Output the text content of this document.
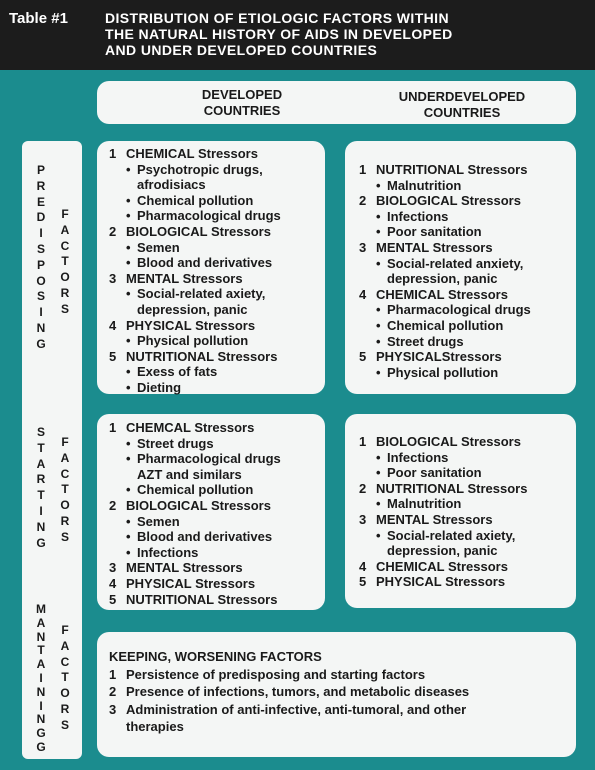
Table #1	DISTRIBUTION OF ETIOLOGIC FACTORS WITHIN
THE NATURAL HISTORY OF AIDS IN DEVELOPED
AND UNDER DEVELOPED COUNTRIES
DEVELOPED
COUNTRIES
UNDERDEVELOPED
COUNTRIES
P
R
E
D
I
S
P
O
S
I
N
G
F
A
C
T
O
R
S
S
T
A
R
T
I
N
G
F
A
C
T
O
R
S
M
A
N
T
A
I
N
I
N
G
G
F
A
C
T
O
R
S

1 CHEMICAL Stressors

• Psychotropic drugs,

afrodisiacs

• Chemical pollution

• Pharmacological drugs

2 BIOLOGICAL Stressors

• Semen

• Blood and derivatives

3 MENTAL Stressors

• Social-related axiety,

depression, panic

4 PHYSICAL Stressors

• Physical pollution

5 NUTRITIONAL Stressors

• Exess of fats

• Dieting

1 NUTRITIONAL Stressors

• Malnutrition

2 BIOLOGICAL Stressors

• Infections

• Poor sanitation

3 MENTAL Stressors

• Social-related anxiety,

depression, panic

4 CHEMICAL Stressors

• Pharmacological drugs

• Chemical pollution

• Street drugs

5 PHYSICALStressors

• Physical pollution

1 CHEMCAL Stressors

• Street drugs

• Pharmacological drugs

AZT and similars

• Chemical pollution

2 BIOLOGICAL Stressors

• Semen

• Blood and derivatives

• Infections

3 MENTAL Stressors

4 PHYSICAL Stressors

5 NUTRITIONAL Stressors

1 BIOLOGICAL Stressors

• Infections

• Poor sanitation

2 NUTRITIONAL Stressors

• Malnutrition

3 MENTAL Stressors

• Social-related axiety,

depression, panic

4 CHEMICAL Stressors

5 PHYSICAL Stressors

KEEPING, WORSENING FACTORS

1 Persistence of predisposing and starting factors

2 Presence of infections, tumors, and metabolic diseases

3 Administration of anti-infective, anti-tumoral, and other

therapies
